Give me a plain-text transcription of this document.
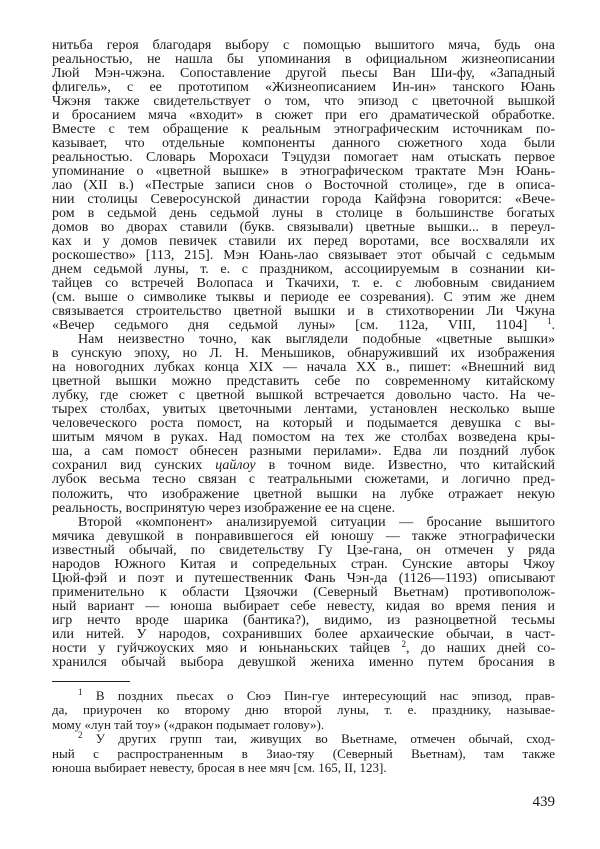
нитьба героя благодаря выбору с помощью вышитого мяча, будь она
реальностью, не нашла бы упоминания в официальном жизнеописании
Люй Мэн-чжэна. Сопоставление другой пьесы Ван Ши-фу, «Западный
флигель», с ее прототипом «Жизнеописанием Ин-ин» танского Юань
Чжэня также свидетельствует о том, что эпизод с цветочной вышкой
и бросанием мяча «входит» в сюжет при его драматической обработке.
Вместе с тем обращение к реальным этнографическим источникам по-
казывает, что отдельные компоненты данного сюжетного хода были
реальностью. Словарь Морохаси Тэцудзи помогает нам отыскать первое
упоминание о «цветной вышке» в этнографическом трактате Мэн Юань-
лао (XII в.) «Пестрые записи снов о Восточной столице», где в описа-
нии столицы Северосунской династии города Кайфэна говорится: «Вече-
ром в седьмой день седьмой луны в столице в большинстве богатых
домов во дворах ставили (букв. связывали) цветные вышки... в переул-
ках и у домов певичек ставили их перед воротами, все восхваляли их
роскошество» [113, 215]. Мэн Юань-лао связывает этот обычай с седьмым
днем седьмой луны, т. е. с праздником, ассоциируемым в сознании ки-
тайцев со встречей Волопаса и Ткачихи, т. е. с любовным свиданием
(см. выше о символике тыквы и периоде ее созревания). С этим же днем
связывается строительство цветной вышки и в стихотворении Ли Чжуна
«Вечер седьмого дня седьмой луны» [см. 112а, VIII, 1104] $^1$.
Нам неизвестно точно, как выглядели подобные «цветные вышки»
в сунскую эпоху, но Л. Н. Меньшиков, обнаруживший их изображения
на новогодних лубках конца XIX — начала XX в., пишет: «Внешний вид
цветной вышки можно представить себе по современному китайскому
лубку, где сюжет с цветной вышкой встречается довольно часто. На че-
тырех столбах, увитых цветочными лентами, установлен несколько выше
человеческого роста помост, на который и подымается девушка с вы-
шитым мячом в руках. Над помостом на тех же столбах возведена кры-
ша, а сам помост обнесен разными перилами». Едва ли поздний лубок
сохранил вид сунских цайлоу в точном виде. Известно, что китайский
лубок весьма тесно связан с театральными сюжетами, и логично пред-
положить, что изображение цветной вышки на лубке отражает некую
реальность, воспринятую через изображение ее на сцене.
Второй «компонент» анализируемой ситуации — бросание вышитого
мячика девушкой в понравившегося ей юношу — также этнографически
известный обычай, по свидетельству Гу Цзе-гана, он отмечен у ряда
народов Южного Китая и сопредельных стран. Сунские авторы Чжоу
Цюй-фэй и поэт и путешественник Фань Чэн-да (1126—1193) описывают
применительно к области Цзяочжи (Северный Вьетнам) противополож-
ный вариант — юноша выбирает себе невесту, кидая во время пения и
игр нечто вроде шарика (бантика?), видимо, из разноцветной тесьмы
или нитей. У народов, сохранивших более архаические обычаи, в част-
ности у гуйчжоуских мяо и юньнаньских тайцев $^2$, до наших дней со-
хранился обычай выбора девушкой жениха именно путем бросания в
$^1$ В поздних пьесах о Сюэ Пин-гуе интересующий нас эпизод, прав-
да, приурочен ко второму дню второй луны, т. е. празднику, называе-
мому «лун тай тоу» («дракон подымает голову»).
$^2$ У других групп таи, живущих во Вьетнаме, отмечен обычай, сход-
ный с распространенным в Зиао-тяу (Северный Вьетнам), там также
юноша выбирает невесту, бросая в нее мяч [см. 165, II, 123].
439
